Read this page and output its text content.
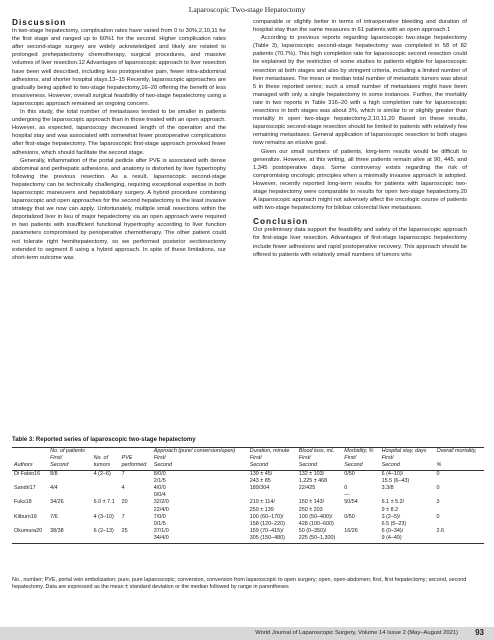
Laparoscopic Two-stage Hepatectomy
Discussion

In two-stage hepatectomy, complication rates have varied from 0 to 30%,2,10,11 for the first stage and ranged up to 60%1 for the second. Higher complication rates after second-stage surgery are widely acknowledged and likely are related to prolonged prehepatectomy chemotherapy, surgical procedures, and massive volumes of liver resection.12 Advantages of laparoscopic approach to liver resection have been well described, including less postoperative pain, fewer intra-abdominal adhesions, and shorter hospital stays.13–15 Recently, laparoscopic approaches are gradually being applied to two-stage hepatectomy,16–20 offering the benefit of less invasiveness. However, overall surgical feasibility of two-stage hepatectomy using a laparoscopic approach remained an ongoing concern.

In this study, the total number of metastases tended to be smaller in patients undergoing the laparoscopic approach than in those treated with an open approach. However, as expected, laparoscopy decreased length of the operation and the hospital stay and was associated with somewhat fewer postoperative complications after first-stage hepatectomy. The laparoscopic first-stage approach provoked fewer adhesions, which should facilitate the second stage.

Generally, inflammation of the portal pedicle after PVE is associated with dense abdominal and perihepatic adhesions, and anatomy is distorted by liver hypertrophy following the previous resection. As a result, laparoscopic second-stage hepatectomy can be technically challenging, requiring exceptional expertise in both laparoscopic maneuvers and hepatobiliary surgery. A hybrid procedure combining laparoscopic and open approaches for the second hepatectomy is the least invasive strategy that we now can apply. Unfortunately, multiple small resections within the deportalized liver in lieu of major hepatectomy via an open approach were required in two patients with insufficient functional hypertrophy according to liver function parameters compromised by perioperative chemotherapy. The other patient could not tolerate right hemihepatectomy, so we performed posterior sectionectomy extended to segment 8 using a hybrid approach. In spite of these limitations, our short-term outcome was

comparable or slightly better in terms of intraoperative bleeding and duration of hospital stay than the same measures in 61 patients with an open approach.1

According to previous reports regarding laparoscopic two-stage hepatectomy (Table 3), laparoscopic second-stage hepatectomy was completed in 58 of 82 patients (70.7%). This high completion rate for laparoscopic second resection could be explained by the restriction of some studies to patients eligible for laparoscopic resection at both stages and also by stringent criteria, including a limited number of liver metastases. The mean or median total number of metastatic tumors was about 5 in these reported series; such a small number of metastases might have been managed with only a single hepatectomy in some instances. Further, the mortality rate in two reports in Table 316–20 with a high completion rate for laparoscopic resections in both stages was about 3%, which is similar to or slightly greater than mortality in open two-stage hepatectomy.2,10,11,20 Based on these results, laparoscopic second-stage resection should be limited to patients with relatively few remaining metastases. General application of laparoscopic resection to both stages now remains an elusive goal.

Given our small numbers of patients, long-term results would be difficult to generalize. However, at this writing, all three patients remain alive at 90, 445, and 1,345 postoperative days. Some controversy exists regarding the risk of compromising oncologic principles when a minimally invasive approach is adopted. However, recently reported long-term results for patients with laparoscopic two-stage hepatectomy were comparable to results for open two-stage hepatectomy.20 A laparoscopic approach might not adversely affect the oncologic course of patients with two-stage hepatectomy for bilobar colorectal liver metastases.

Conclusion

Our preliminary data support the feasibility and safety of the laparoscopic approach for first-stage liver resection. Advantages of first-stage laparoscopic hepatectomy include fewer adhesions and rapid postoperative recovery. This approach should be offered to patients with relatively small numbers of tumors who

Table 3: Reported series of laparoscopic two-stage hepatectomy
	No. of patients			Approach (pure/ conversion/open)	Duration, minute	Blood loss, mL	Morbidity, %	Hospital stay, days	Overall mortality,
	First/	No. of	PVE	First/	First/	First/	First/	First/	
Authors	Second	tumors	performed	Second	Second	Second	Second	Second	%
Di Fabio16	8/8	4 (2–6)	7	8/0/0	139 ± 45/	132 ± 103/	0/50	6 (4–10)/	0
				2/1/5	243 ± 85	1,225 ± 468		15.5 (6–43)	
Sandri17	4/4		4	4/0/0	189/304	22/425	0	3.3/8	0
				0/0/4			—		
Fuks18	34/26	6.0 ± 7.1	20	32/2/0	210 ± 114/	150 ± 143/	50/54	6.1 ± 5.2/	3
				22/4/0	250 ± 139	250 ± 203		9 ± 8.2	
Kilburn19	7/6	4 (3–10)	7	7/0/0	100 (60–170)/	100 (50–400)/	0/50	3 (2–5)/	0
				0/1/5	158 (120–220)	428 (100–600)		6.5 (5–23)	
Okumura20	38/38	6 (2–13)	25	37/1/0	159 (70–415)/	50 (0–350)/	16/26	6 (0–34)/	2.6
				34/4/0	305 (150–480)	225 (50–1,300)		9 (4–49)	
No., number; PVE, portal vein embolization; pure, pure laparoscopic; conversion, conversion from laparoscopic to open surgery; open, open-abdomen; first, first hepatectomy; second, second hepatectomy. Data are expressed as the mean ± standard deviation or the median followed by range in parentheses
World Journal of Laparoscopic Surgery, Volume 14 Issue 2 (May–August 2021) 93
